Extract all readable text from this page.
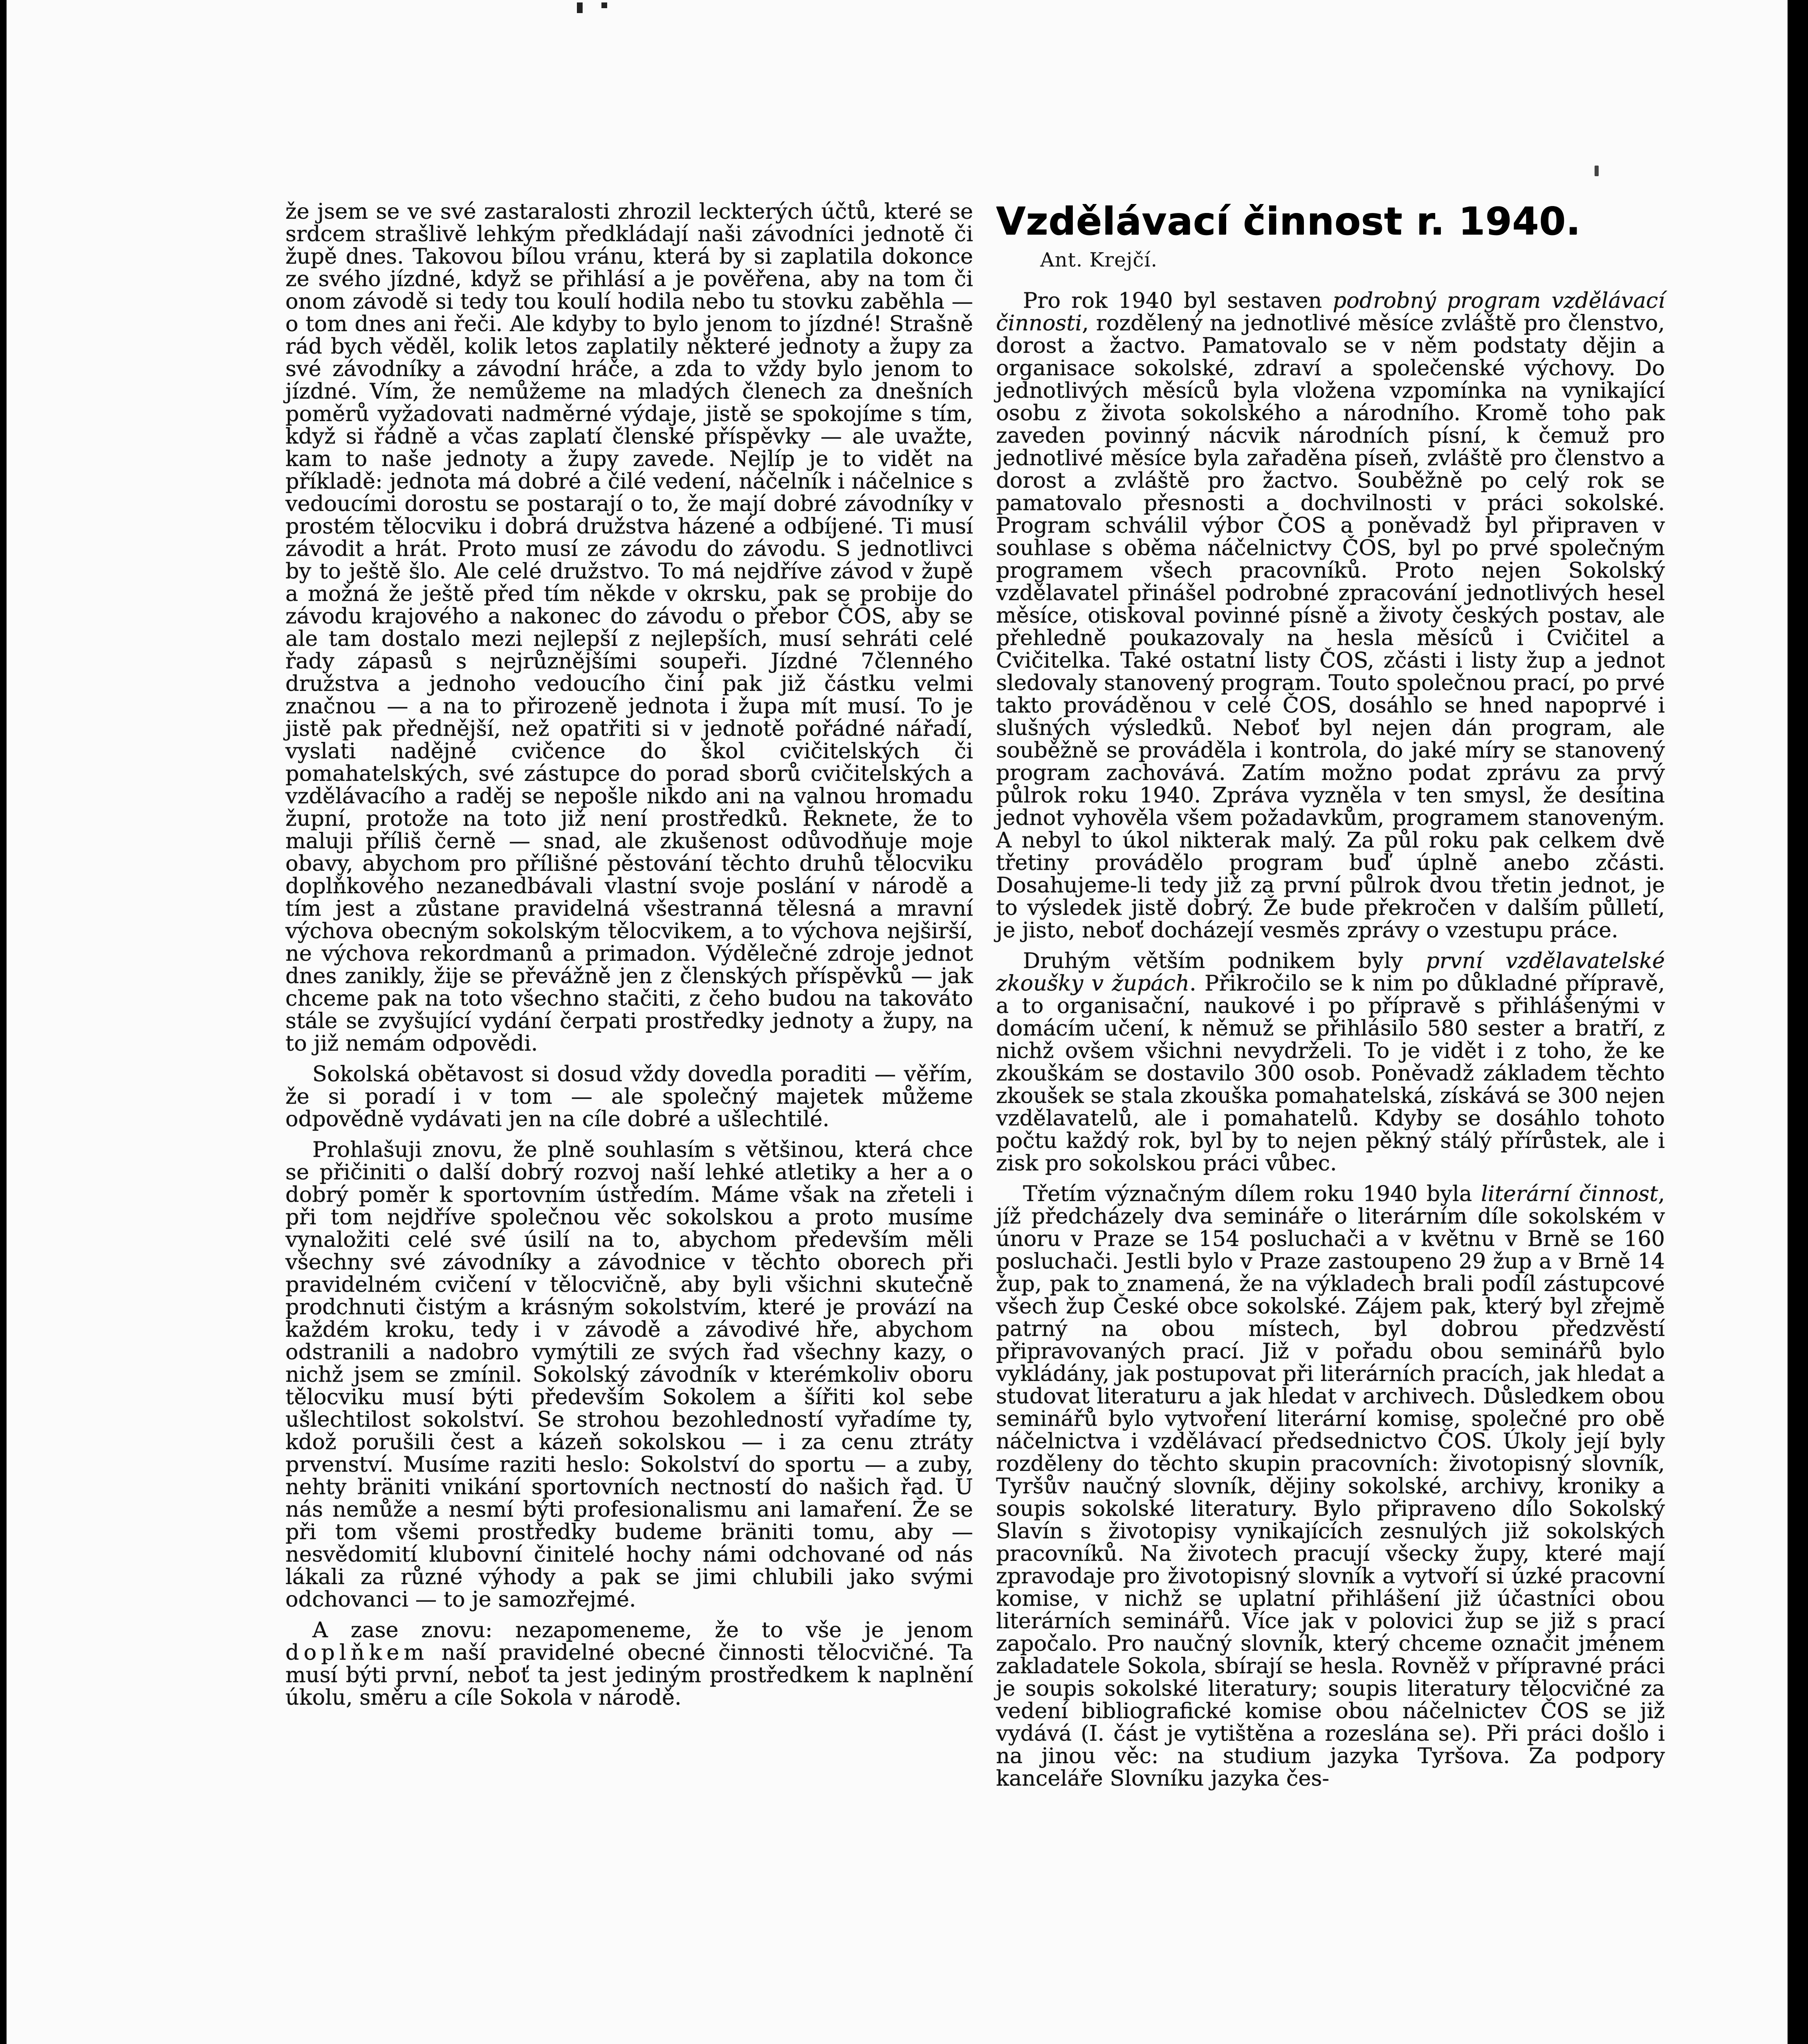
že jsem se ve své zastaralosti zhrozil leckterých účtů, které se srdcem strašlivě lehkým předkládají naši závodníci jednotě či župě dnes. Takovou bílou vránu, která by si zaplatila dokonce ze svého jízdné, když se přihlásí a je pověřena, aby na tom či onom závodě si tedy tou koulí hodila nebo tu stovku zaběhla — o tom dnes ani řeči. Ale kdyby to bylo jenom to jízdné! Strašně rád bych věděl, kolik letos zaplatily některé jednoty a župy za své závodníky a závodní hráče, a zda to vždy bylo jenom to jízdné. Vím, že nemůžeme na mladých členech za dnešních poměrů vyžadovati nadměrné výdaje, jistě se spokojíme s tím, když si řádně a včas zaplatí členské příspěvky — ale uvažte, kam to naše jednoty a župy zavede. Nejlíp je to vidět na příkladě: jednota má dobré a čilé vedení, náčelník i náčelnice s vedoucími dorostu se postarají o to, že mají dobré závodníky v prostém tělocviku i dobrá družstva házené a odbíjené. Ti musí závodit a hrát. Proto musí ze závodu do závodu. S jednotlivci by to ještě šlo. Ale celé družstvo. To má nejdříve závod v župě a možná že ještě před tím někde v okrsku, pak se probije do závodu krajového a nakonec do závodu o přebor ČOS, aby se ale tam dostalo mezi nejlepší z nejlepších, musí sehráti celé řady zápasů s nejrůznějšími soupeři. Jízdné 7členného družstva a jednoho vedoucího činí pak již částku velmi značnou — a na to přirozeně jednota i župa mít musí. To je jistě pak přednější, než opatřiti si v jednotě pořádné nářadí, vyslati nadějné cvičence do škol cvičitelských či pomahatelských, své zástupce do porad sborů cvičitelských a vzdělávacího a raděj se nepošle nikdo ani na valnou hromadu župní, protože na toto již není prostředků. Řeknete, že to maluji příliš černě — snad, ale zkušenost odůvodňuje moje obavy, abychom pro přílišné pěstování těchto druhů tělocviku doplňkového nezanedbávali vlastní svoje poslání v národě a tím jest a zůstane pravidelná všestranná tělesná a mravní výchova obecným sokolským tělocvikem, a to výchova nejširší, ne výchova rekordmanů a primadon. Výdělečné zdroje jednot dnes zanikly, žije se převážně jen z členských příspěvků — jak chceme pak na toto všechno stačiti, z čeho budou na takováto stále se zvyšující vydání čerpati prostředky jednoty a župy, na to již nemám odpovědi.

Sokolská obětavost si dosud vždy dovedla poraditi — věřím, že si poradí i v tom — ale společný majetek můžeme odpovědně vydávati jen na cíle dobré a ušlechtilé.

Prohlašuji znovu, že plně souhlasím s většinou, která chce se přičiniti o další dobrý rozvoj naší lehké atletiky a her a o dobrý poměr k sportovním ústředím. Máme však na zřeteli i při tom nejdříve společnou věc sokolskou a proto musíme vynaložiti celé své úsilí na to, abychom především měli všechny své závodníky a závodnice v těchto oborech při pravidelném cvičení v tělocvičně, aby byli všichni skutečně prodchnuti čistým a krásným sokolstvím, které je provází na každém kroku, tedy i v závodě a závodivé hře, abychom odstranili a nadobro vymýtili ze svých řad všechny kazy, o nichž jsem se zmínil. Sokolský závodník v kterémkoliv oboru tělocviku musí býti především Sokolem a šířiti kol sebe ušlechtilost sokolství. Se strohou bezohledností vyřadíme ty, kdož porušili čest a kázeň sokolskou — i za cenu ztráty prvenství. Musíme raziti heslo: Sokolství do sportu — a zuby, nehty bräniti vnikání sportovních nectností do našich řad. U nás nemůže a nesmí býti profesionalismu ani lamaření. Že se při tom všemi prostředky budeme bräniti tomu, aby — nesvědomití klubovní činitelé hochy námi odchované od nás lákali za různé výhody a pak se jimi chlubili jako svými odchovanci — to je samozřejmé.

A zase znovu: nezapomeneme, že to vše je jenom doplňkem naší pravidelné obecné činnosti tělocvičné. Ta musí býti první, neboť ta jest jediným prostředkem k naplnění úkolu, směru a cíle Sokola v národě.

Vzdělávací činnost r. 1940.
Ant. Krejčí.

Pro rok 1940 byl sestaven podrobný program vzdělávací činnosti, rozdělený na jednotlivé měsíce zvláště pro členstvo, dorost a žactvo. Pamatovalo se v něm podstaty dějin a organisace sokolské, zdraví a společenské výchovy. Do jednotlivých měsíců byla vložena vzpomínka na vynikající osobu z života sokolského a národního. Kromě toho pak zaveden povinný nácvik národních písní, k čemuž pro jednotlivé měsíce byla zařaděna píseň, zvláště pro členstvo a dorost a zvláště pro žactvo. Souběžně po celý rok se pamatovalo přesnosti a dochvilnosti v práci sokolské. Program schválil výbor ČOS a poněvadž byl připraven v souhlase s oběma náčelnictvy ČOS, byl po prvé společným programem všech pracovníků. Proto nejen Sokolský vzdělavatel přinášel podrobné zpracování jednotlivých hesel měsíce, otiskoval povinné písně a životy českých postav, ale přehledně poukazovaly na hesla měsíců i Cvičitel a Cvičitelka. Také ostatní listy ČOS, zčásti i listy žup a jednot sledovaly stanovený program. Touto společnou prací, po prvé takto prováděnou v celé ČOS, dosáhlo se hned napoprvé i slušných výsledků. Neboť byl nejen dán program, ale souběžně se prováděla i kontrola, do jaké míry se stanovený program zachovává. Zatím možno podat zprávu za prvý půlrok roku 1940. Zpráva vyzněla v ten smysl, že desítina jednot vyhověla všem požadavkům, programem stanoveným. A nebyl to úkol nikterak malý. Za půl roku pak celkem dvě třetiny provádělo program buď úplně anebo zčásti. Dosahujeme-li tedy již za první půlrok dvou třetin jednot, je to výsledek jistě dobrý. Že bude překročen v dalším půlletí, je jisto, neboť docházejí vesměs zprávy o vzestupu práce.

Druhým větším podnikem byly první vzdělavatelské zkoušky v župách. Přikročilo se k nim po důkladné přípravě, a to organisační, naukové i po přípravě s přihlášenými v domácím učení, k němuž se přihlásilo 580 sester a bratří, z nichž ovšem všichni nevydrželi. To je vidět i z toho, že ke zkouškám se dostavilo 300 osob. Poněvadž základem těchto zkoušek se stala zkouška pomahatelská, získává se 300 nejen vzdělavatelů, ale i pomahatelů. Kdyby se dosáhlo tohoto počtu každý rok, byl by to nejen pěkný stálý přírůstek, ale i zisk pro sokolskou práci vůbec.

Třetím význačným dílem roku 1940 byla literární činnost, jíž předcházely dva semináře o literárním díle sokolském v únoru v Praze se 154 posluchači a v květnu v Brně se 160 posluchači. Jestli bylo v Praze zastoupeno 29 žup a v Brně 14 žup, pak to znamená, že na výkladech brali podíl zástupcové všech žup České obce sokolské. Zájem pak, který byl zřejmě patrný na obou místech, byl dobrou předzvěstí připravovaných prací. Již v pořadu obou seminářů bylo vykládány, jak postupovat při literárních pracích, jak hledat a studovat literaturu a jak hledat v archivech. Důsledkem obou seminářů bylo vytvoření literární komise, společné pro obě náčelnictva i vzdělávací předsednictvo ČOS. Úkoly její byly rozděleny do těchto skupin pracovních: životopisný slovník, Tyršův naučný slovník, dějiny sokolské, archivy, kroniky a soupis sokolské literatury. Bylo připraveno dílo Sokolský Slavín s životopisy vynikajících zesnulých již sokolských pracovníků. Na životech pracují všecky župy, které mají zpravodaje pro životopisný slovník a vytvoří si úzké pracovní komise, v nichž se uplatní přihlášení již účastníci obou literárních seminářů. Více jak v polovici žup se již s prací započalo. Pro naučný slovník, který chceme označit jménem zakladatele Sokola, sbírají se hesla. Rovněž v přípravné práci je soupis sokolské literatury; soupis literatury tělocvičné za vedení bibliografické komise obou náčelnictev ČOS se již vydává (I. část je vytištěna a rozeslána se). Při práci došlo i na jinou věc: na studium jazyka Tyršova. Za podpory kanceláře Slovníku jazyka čes-
